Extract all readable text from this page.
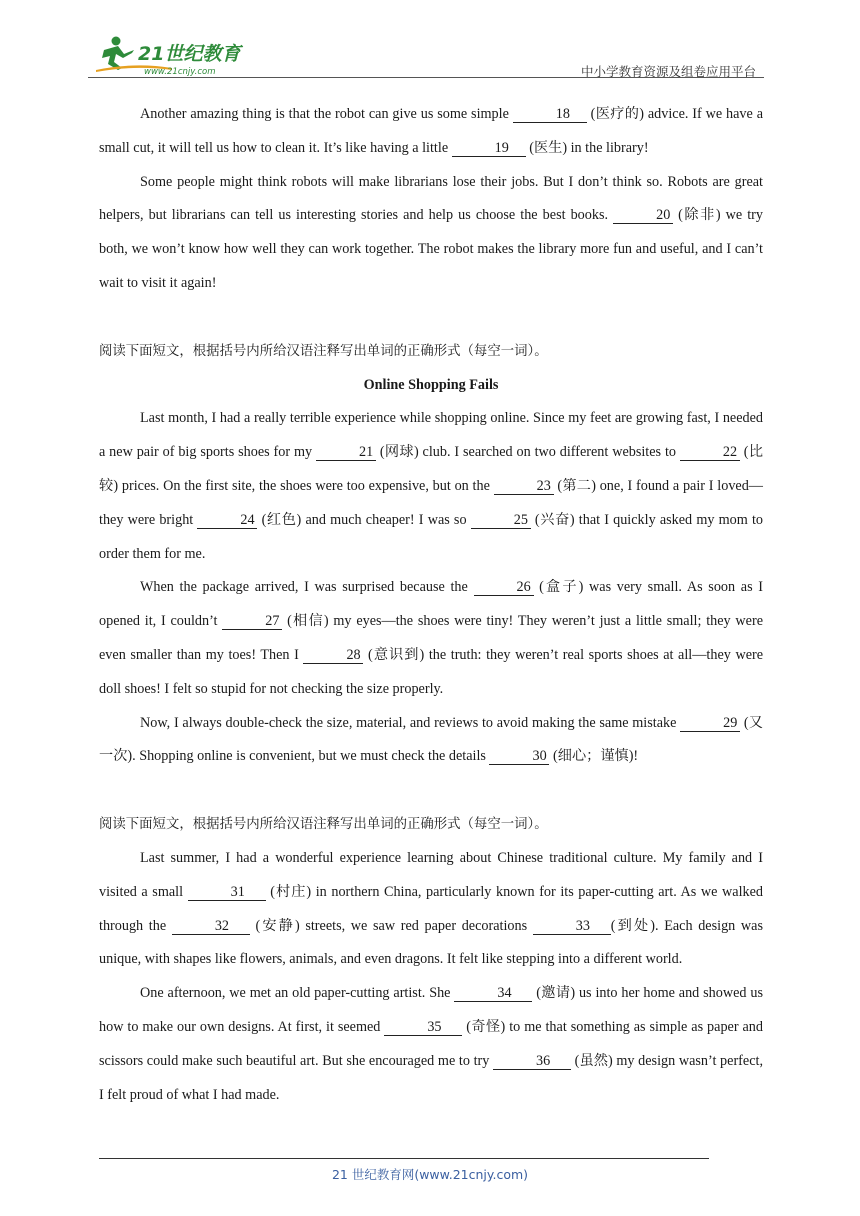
21世纪教育
www.21cnjy.com	中小学教育资源及组卷应用平台

Another amazing thing is that the robot can give us some simple	18 (医疗的) advice. If we have a small cut, it will tell us how to clean it. It’s like having a little	19 (医生) in the library!

Some people might think robots will make librarians lose their jobs. But I don’t think so. Robots are great helpers, but librarians can tell us interesting stories and help us choose the best books.	20 (除非) we try both, we won’t know how well they can work together. The robot makes the library more fun and useful, and I can’t wait to visit it again!

阅读下面短文，根据括号内所给汉语注释写出单词的正确形式（每空一词）。

Online Shopping Fails

Last month, I had a really terrible experience while shopping online. Since my feet are growing fast, I needed a new pair of big sports shoes for my	21 (网球) club. I searched on two different websites to	22 (比较) prices. On the first site, the shoes were too expensive, but on the	23 (第二) one, I found a pair I loved—they were bright	24 (红色) and much cheaper! I was so	25 (兴奋) that I quickly asked my mom to order them for me.

When the package arrived, I was surprised because the	26 (盒子) was very small. As soon as I opened it, I couldn’t	27 (相信) my eyes—the shoes were tiny! They weren’t just a little small; they were even smaller than my toes! Then I	28 (意识到) the truth: they weren’t real sports shoes at all—they were doll shoes! I felt so stupid for not checking the size properly.

Now, I always double-check the size, material, and reviews to avoid making the same mistake	29 (又一次). Shopping online is convenient, but we must check the details	30 (细心；谨慎)!

阅读下面短文，根据括号内所给汉语注释写出单词的正确形式（每空一词）。

Last summer, I had a wonderful experience learning about Chinese traditional culture. My family and I visited a small	31 (村庄) in northern China, particularly known for its paper-cutting art. As we walked through the	32 (安静) streets, we saw red paper decorations	33 (到处). Each design was unique, with shapes like flowers, animals, and even dragons. It felt like stepping into a different world.

One afternoon, we met an old paper-cutting artist. She	34 (邀请) us into her home and showed us how to make our own designs. At first, it seemed	35 (奇怪) to me that something as simple as paper and scissors could make such beautiful art. But she encouraged me to try	36 (虽然) my design wasn’t perfect, I felt proud of what I had made.

21 世纪教育网(www.21cnjy.com)
